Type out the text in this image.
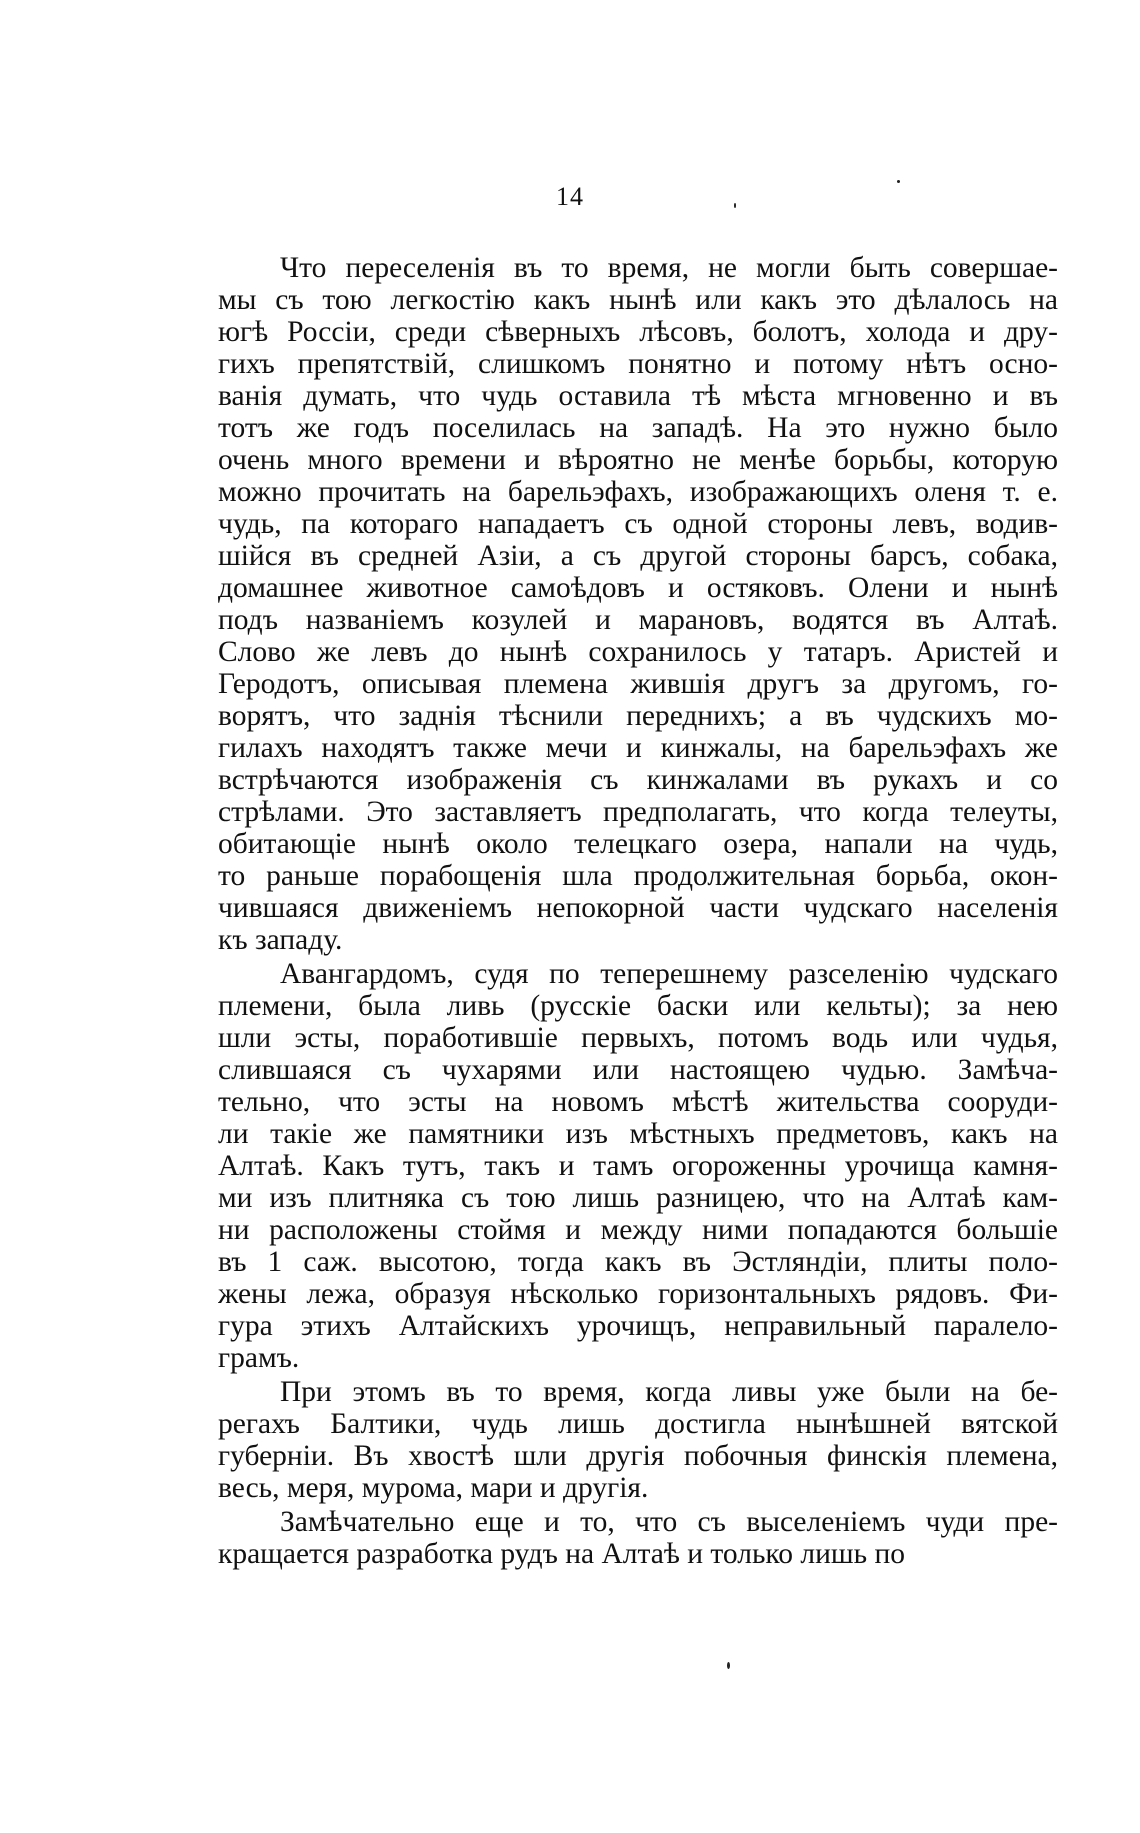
14

Что переселенія въ то время, не могли быть совершае-
мы съ тою легкостію какъ нынѣ или какъ это дѣлалось на
югѣ Россіи, среди сѣверныхъ лѣсовъ, болотъ, холода и дру-
гихъ препятствій, слишкомъ понятно и потому нѣтъ осно-
ванія думать, что чудь оставила тѣ мѣста мгновенно и въ
тотъ же годъ поселилась на западѣ. На это нужно было
очень много времени и вѣроятно не менѣе борьбы, которую
можно прочитать на барельэфахъ, изображающихъ оленя т. е.
чудь, па котораго нападаетъ съ одной стороны левъ, водив-
шійся въ средней Азіи, а съ другой стороны барсъ, собака,
домашнее животное самоѣдовъ и остяковъ. Олени и нынѣ
подъ названіемъ козулей и марановъ, водятся въ Алтаѣ.
Слово же левъ до нынѣ сохранилось у татаръ. Аристей и
Геродотъ, описывая племена жившія другъ за другомъ, го-
ворятъ, что заднія тѣснили переднихъ; а въ чудскихъ мо-
гилахъ находятъ также мечи и кинжалы, на барельэфахъ же
встрѣчаются изображенія съ кинжалами въ рукахъ и со
стрѣлами. Это заставляетъ предполагать, что когда телеуты,
обитающіе нынѣ около телецкаго озера, напали на чудь,
то раньше порабощенія шла продолжительная борьба, окон-
чившаяся движеніемъ непокорной части чудскаго населенія
къ западу.

Авангардомъ, судя по теперешнему разселенію чудскаго
племени, была ливь (русскіе баски или кельты); за нею
шли эсты, поработившіе первыхъ, потомъ водь или чудья,
слившаяся съ чухарями или настоящею чудью. Замѣча-
тельно, что эсты на новомъ мѣстѣ жительства сооруди-
ли такіе же памятники изъ мѣстныхъ предметовъ, какъ на
Алтаѣ. Какъ тутъ, такъ и тамъ огороженны урочища камня-
ми изъ плитняка съ тою лишь разницею, что на Алтаѣ кам-
ни расположены стоймя и между ними попадаются большіе
въ 1 саж. высотою, тогда какъ въ Эстляндіи, плиты поло-
жены лежа, образуя нѣсколько горизонтальныхъ рядовъ. Фи-
гура этихъ Алтайскихъ урочищъ, неправильный паралело-
грамъ.

При этомъ въ то время, когда ливы уже были на бе-
регахъ Балтики, чудь лишь достигла нынѣшней вятской
губерніи. Въ хвостѣ шли другія побочныя финскія племена,
весь, меря, мурома, мари и другія.

Замѣчательно еще и то, что съ выселеніемъ чуди пре-
кращается разработка рудъ на Алтаѣ и только лишь по
